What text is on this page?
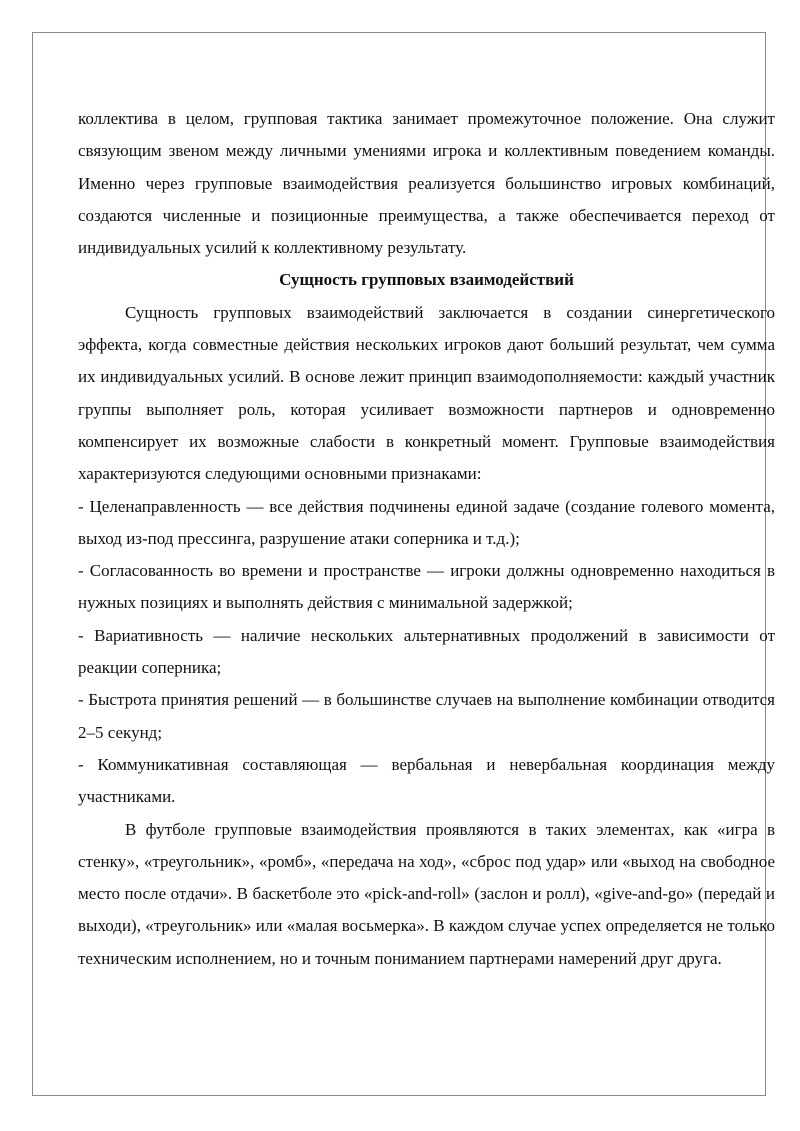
коллектива в целом, групповая тактика занимает промежуточное положение. Она служит связующим звеном между личными умениями игрока и коллективным поведением команды. Именно через групповые взаимодействия реализуется большинство игровых комбинаций, создаются численные и позиционные преимущества, а также обеспечивается переход от индивидуальных усилий к коллективному результату.

Сущность групповых взаимодействий

Сущность групповых взаимодействий заключается в создании синергетического эффекта, когда совместные действия нескольких игроков дают больший результат, чем сумма их индивидуальных усилий. В основе лежит принцип взаимодополняемости: каждый участник группы выполняет роль, которая усиливает возможности партнеров и одновременно компенсирует их возможные слабости в конкретный момент. Групповые взаимодействия характеризуются следующими основными признаками:

- Целенаправленность — все действия подчинены единой задаче (создание голевого момента, выход из-под прессинга, разрушение атаки соперника и т.д.);

- Согласованность во времени и пространстве — игроки должны одновременно находиться в нужных позициях и выполнять действия с минимальной задержкой;

- Вариативность — наличие нескольких альтернативных продолжений в зависимости от реакции соперника;

- Быстрота принятия решений — в большинстве случаев на выполнение комбинации отводится 2–5 секунд;

- Коммуникативная составляющая — вербальная и невербальная координация между участниками.

В футболе групповые взаимодействия проявляются в таких элементах, как «игра в стенку», «треугольник», «ромб», «передача на ход», «сброс под удар» или «выход на свободное место после отдачи». В баскетболе это «pick-and-roll» (заслон и ролл), «give-and-go» (передай и выходи), «треугольник» или «малая восьмерка». В каждом случае успех определяется не только техническим исполнением, но и точным пониманием партнерами намерений друг друга.
